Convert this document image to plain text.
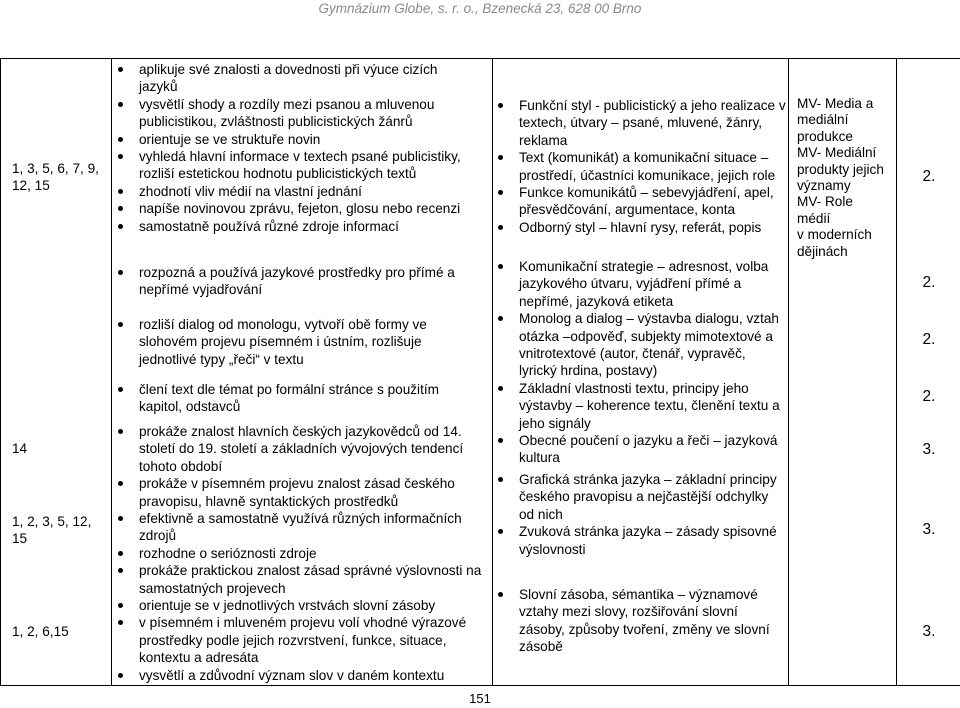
Gymnázium Globe, s. r. o., Bzenecká 23, 628 00 Brno
1, 3, 5, 6, 7, 9, 12, 15
14
1, 2, 3, 5, 12, 15
1, 2, 6,15
aplikuje své znalosti a dovednosti při výuce cizích jazyků
vysvětlí shody a rozdíly mezi psanou a mluvenou publicistikou, zvláštnosti publicistických žánrů
orientuje se ve struktuře novin
vyhledá hlavní informace v textech psané publicistiky, rozliší estetickou hodnotu publicistických textů
zhodnotí vliv médií na vlastní jednání
napíše novinovou zprávu, fejeton, glosu nebo recenzi
samostatně používá různé zdroje informací
rozpozná a používá jazykové prostředky pro přímé a nepřímé vyjadřování
rozliší dialog od monologu, vytvoří obě formy ve slohovém projevu písemném i ústním, rozlišuje jednotlivé typy „řeči“ v textu
člení text dle témat po formální stránce s použitím kapitol, odstavců
prokáže znalost hlavních českých jazykovědců od 14. století do 19. století a základních vývojových tendencí tohoto období
prokáže v písemném projevu znalost zásad českého pravopisu, hlavně syntaktických prostředků
efektivně a samostatně využívá různých informačních zdrojů
rozhodne o serióznosti zdroje
prokáže praktickou znalost zásad správné výslovnosti na samostatných projevech
orientuje se v jednotlivých vrstvách slovní zásoby
v písemném i mluveném projevu volí vhodné výrazové prostředky podle jejich rozvrstvení, funkce, situace, kontextu a adresáta
vysvětlí a zdůvodní význam slov v daném kontextu
Funkční styl - publicistický a jeho realizace v textech, útvary – psané, mluvené, žánry, reklama
Text (komunikát) a komunikační situace – prostředí, účastníci komunikace, jejich role
Funkce komunikátů – sebevyjádření, apel, přesvědčování, argumentace, konta
Odborný styl – hlavní rysy, referát, popis
Komunikační strategie – adresnost, volba jazykového útvaru, vyjádření přímé a nepřímé, jazyková etiketa
Monolog a dialog – výstavba dialogu, vztah otázka –odpověď, subjekty mimotextové a vnitrotextové (autor, čtenář, vypravěč, lyrický hrdina, postavy)
Základní vlastnosti textu, principy jeho výstavby – koherence textu, členění textu a jeho signály
Obecné poučení o jazyku a řeči – jazyková kultura
Grafická stránka jazyka – základní principy českého pravopisu a nejčastější odchylky od nich
Zvuková stránka jazyka – zásady spisovné výslovnosti
Slovní zásoba, sémantika – významové vztahy mezi slovy, rozšiřování slovní zásoby, způsoby tvoření, změny ve slovní zásobě
MV- Media a
mediální
produkce
MV- Mediální
produkty jejich
významy
MV- Role
médií
v moderních
dějinách
2.
2.
2.
2.
3.
3.
3.
151
